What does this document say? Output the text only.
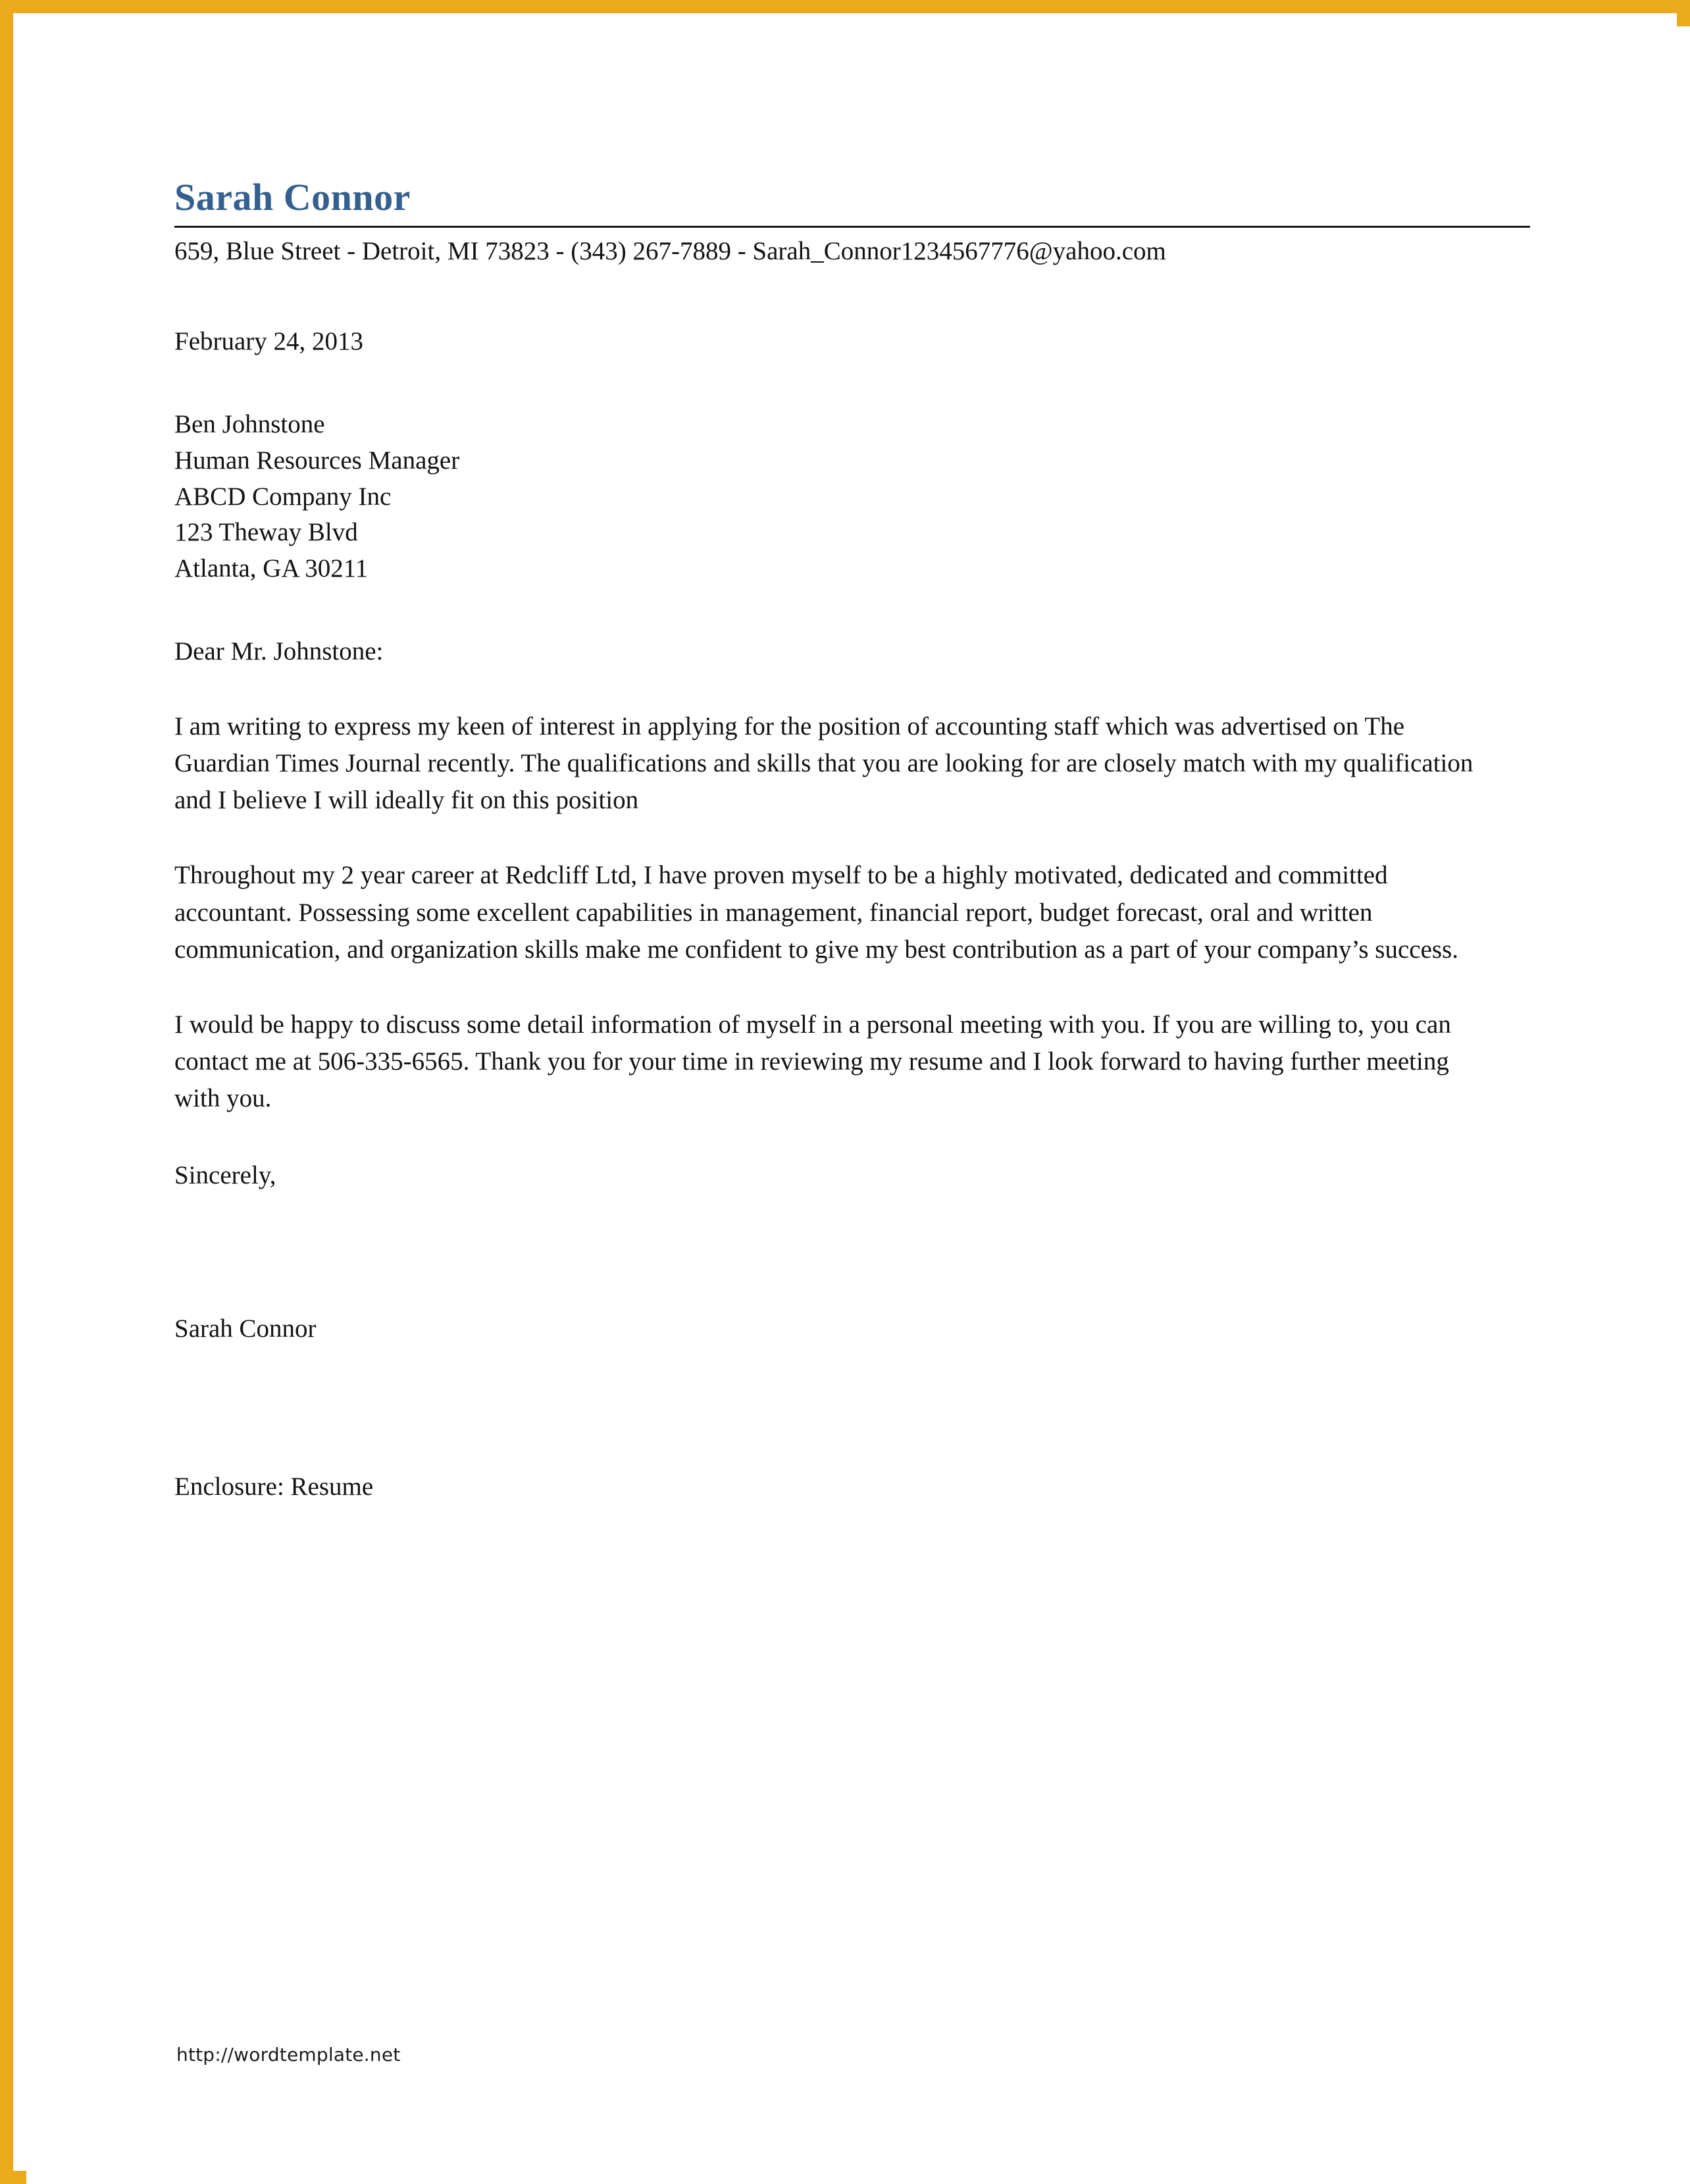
Sarah Connor
659, Blue Street - Detroit, MI 73823 - (343) 267-7889 - Sarah_Connor1234567776@yahoo.com
February 24, 2013
Ben Johnstone
Human Resources Manager
ABCD Company Inc
123 Theway Blvd
Atlanta, GA 30211
Dear Mr. Johnstone:

I am writing to express my keen of interest in applying for the position of accounting staff which was advertised on The Guardian Times Journal recently. The qualifications and skills that you are looking for are closely match with my qualification and I believe I will ideally fit on this position

Throughout my 2 year career at Redcliff Ltd, I have proven myself to be a highly motivated, dedicated and committed accountant. Possessing some excellent capabilities in management, financial report, budget forecast, oral and written communication, and organization skills make me confident to give my best contribution as a part of your company’s success.

I would be happy to discuss some detail information of myself in a personal meeting with you. If you are willing to, you can contact me at 506-335-6565. Thank you for your time in reviewing my resume and I look forward to having further meeting with you.

Sincerely,
Sarah Connor
Enclosure: Resume
http://wordtemplate.net
